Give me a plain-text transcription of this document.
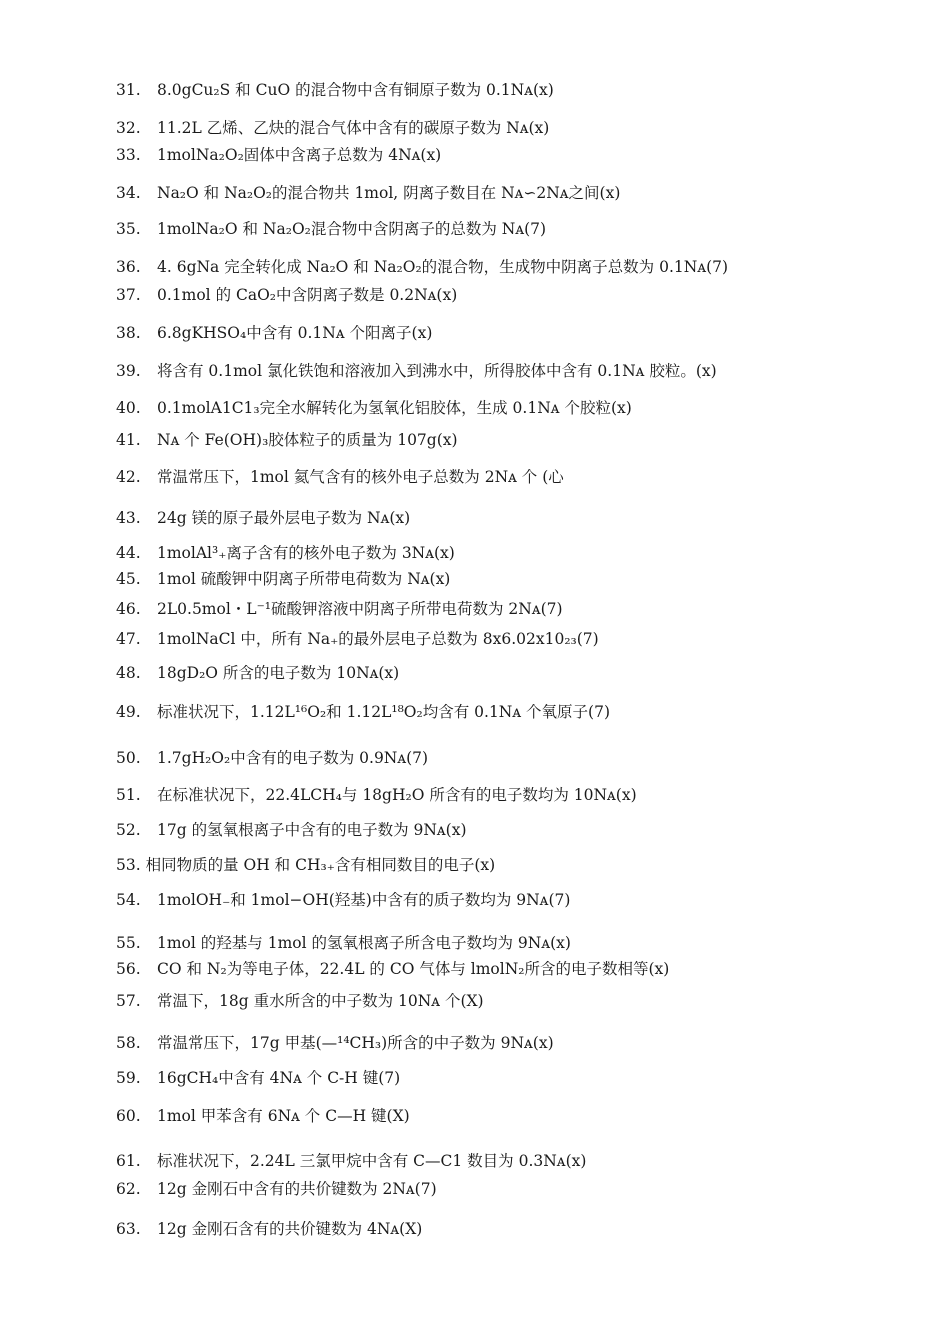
31. 8.0gCu₂S 和 CuO 的混合物中含有铜原子数为 0.1Nᴀ(x)
32. 11.2L 乙烯、乙炔的混合气体中含有的碳原子数为 Nᴀ(x)
33. 1molNa₂O₂固体中含离子总数为 4Nᴀ(x)
34. Na₂O 和 Na₂O₂的混合物共 1mol, 阴离子数目在 Nᴀ∽2Nᴀ之间(x)
35. 1molNa₂O 和 Na₂O₂混合物中含阴离子的总数为 Nᴀ(7)
36. 4. 6gNa 完全转化成 Na₂O 和 Na₂O₂的混合物，生成物中阴离子总数为 0.1Nᴀ(7)
37. 0.1mol 的 CaO₂中含阴离子数是 0.2Nᴀ(x)
38. 6.8gKHSO₄中含有 0.1Nᴀ 个阳离子(x)
39. 将含有 0.1mol 氯化铁饱和溶液加入到沸水中，所得胶体中含有 0.1Nᴀ 胶粒。(x)
40. 0.1molA1C1₃完全水解转化为氢氧化铝胶体，生成 0.1Nᴀ 个胶粒(x)
41. Nᴀ 个 Fe(OH)₃胶体粒子的质量为 107g(x)
42. 常温常压下，1mol 氦气含有的核外电子总数为 2Nᴀ 个 (心
43. 24g 镁的原子最外层电子数为 Nᴀ(x)
44. 1molAl³₊离子含有的核外电子数为 3Nᴀ(x)
45. 1mol 硫酸钾中阴离子所带电荷数为 Nᴀ(x)
46. 2L0.5mol・L⁻¹硫酸钾溶液中阴离子所带电荷数为 2Nᴀ(7)
47. 1molNaCl 中，所有 Na₊的最外层电子总数为 8x6.02x10₂₃(7)
48. 18gD₂O 所含的电子数为 10Nᴀ(x)
49. 标准状况下，1.12L¹⁶O₂和 1.12L¹⁸O₂均含有 0.1Nᴀ 个氧原子(7)
50. 1.7gH₂O₂中含有的电子数为 0.9Nᴀ(7)
51. 在标准状况下，22.4LCH₄与 18gH₂O 所含有的电子数均为 10Nᴀ(x)
52. 17g 的氢氧根离子中含有的电子数为 9Nᴀ(x)
53. 相同物质的量 OH 和 CH₃₊含有相同数目的电子(x)
54. 1molOH₋和 1mol−OH(羟基)中含有的质子数均为 9Nᴀ(7)
55. 1mol 的羟基与 1mol 的氢氧根离子所含电子数均为 9Nᴀ(x)
56. CO 和 N₂为等电子体，22.4L 的 CO 气体与 lmolN₂所含的电子数相等(x)
57. 常温下，18g 重水所含的中子数为 10Nᴀ 个(X)
58. 常温常压下，17g 甲基(—¹⁴CH₃)所含的中子数为 9Nᴀ(x)
59. 16gCH₄中含有 4Nᴀ 个 C-H 键(7)
60. 1mol 甲苯含有 6Nᴀ 个 C—H 键(X)
61. 标准状况下，2.24L 三氯甲烷中含有 C—C1 数目为 0.3Nᴀ(x)
62. 12g 金刚石中含有的共价键数为 2Nᴀ(7)
63. 12g 金刚石含有的共价键数为 4Nᴀ(X)
